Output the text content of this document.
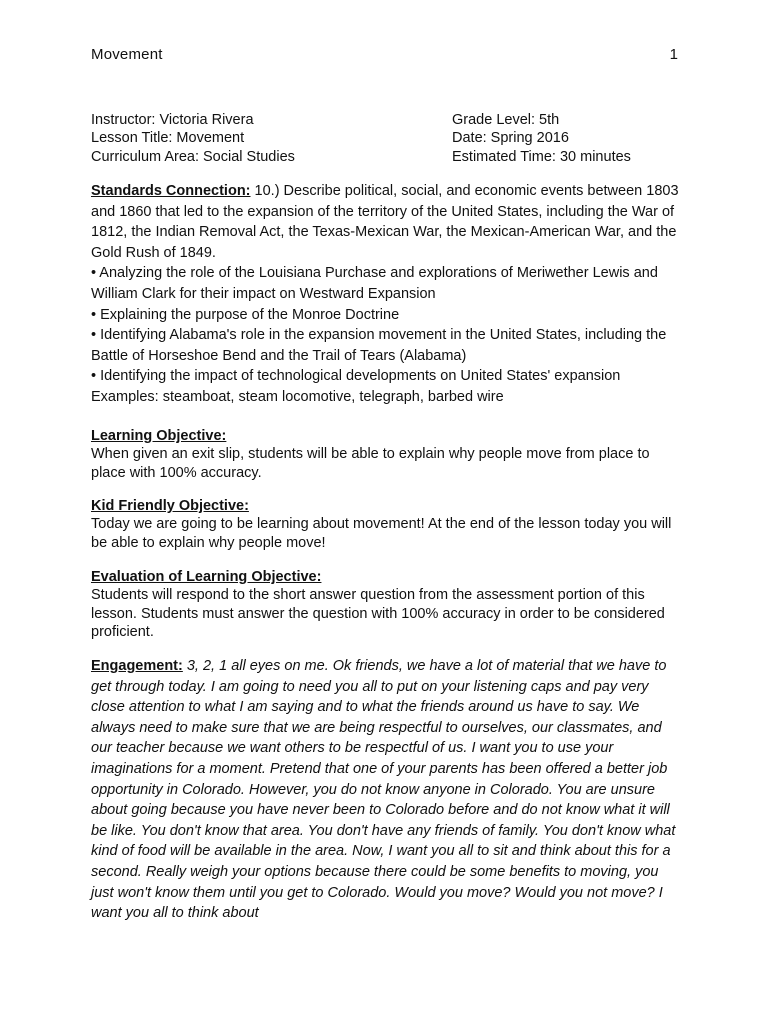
Movement	1
Instructor: Victoria Rivera	Grade Level: 5th
Lesson Title: Movement	Date: Spring 2016
Curriculum Area: Social Studies	Estimated Time: 30 minutes

Standards Connection: 10.) Describe political, social, and economic events between 1803 and 1860 that led to the expansion of the territory of the United States, including the War of 1812, the Indian Removal Act, the Texas-Mexican War, the Mexican-American War, and the Gold Rush of 1849.

• Analyzing the role of the Louisiana Purchase and explorations of Meriwether Lewis and William Clark for their impact on Westward Expansion

• Explaining the purpose of the Monroe Doctrine

• Identifying Alabama's role in the expansion movement in the United States, including the Battle of Horseshoe Bend and the Trail of Tears (Alabama)

• Identifying the impact of technological developments on United States' expansion

Examples: steamboat, steam locomotive, telegraph, barbed wire

Learning Objective:

When given an exit slip, students will be able to explain why people move from place to place with 100% accuracy.

Kid Friendly Objective:

Today we are going to be learning about movement! At the end of the lesson today you will be able to explain why people move!

Evaluation of Learning Objective:

Students will respond to the short answer question from the assessment portion of this lesson. Students must answer the question with 100% accuracy in order to be considered proficient.

Engagement: 3, 2, 1 all eyes on me. Ok friends, we have a lot of material that we have to get through today. I am going to need you all to put on your listening caps and pay very close attention to what I am saying and to what the friends around us have to say. We always need to make sure that we are being respectful to ourselves, our classmates, and our teacher because we want others to be respectful of us. I want you to use your imaginations for a moment. Pretend that one of your parents has been offered a better job opportunity in Colorado. However, you do not know anyone in Colorado. You are unsure about going because you have never been to Colorado before and do not know what it will be like. You don't know that area. You don't have any friends of family. You don't know what kind of food will be available in the area. Now, I want you all to sit and think about this for a second. Really weigh your options because there could be some benefits to moving, you just won't know them until you get to Colorado. Would you move? Would you not move? I want you all to think about
